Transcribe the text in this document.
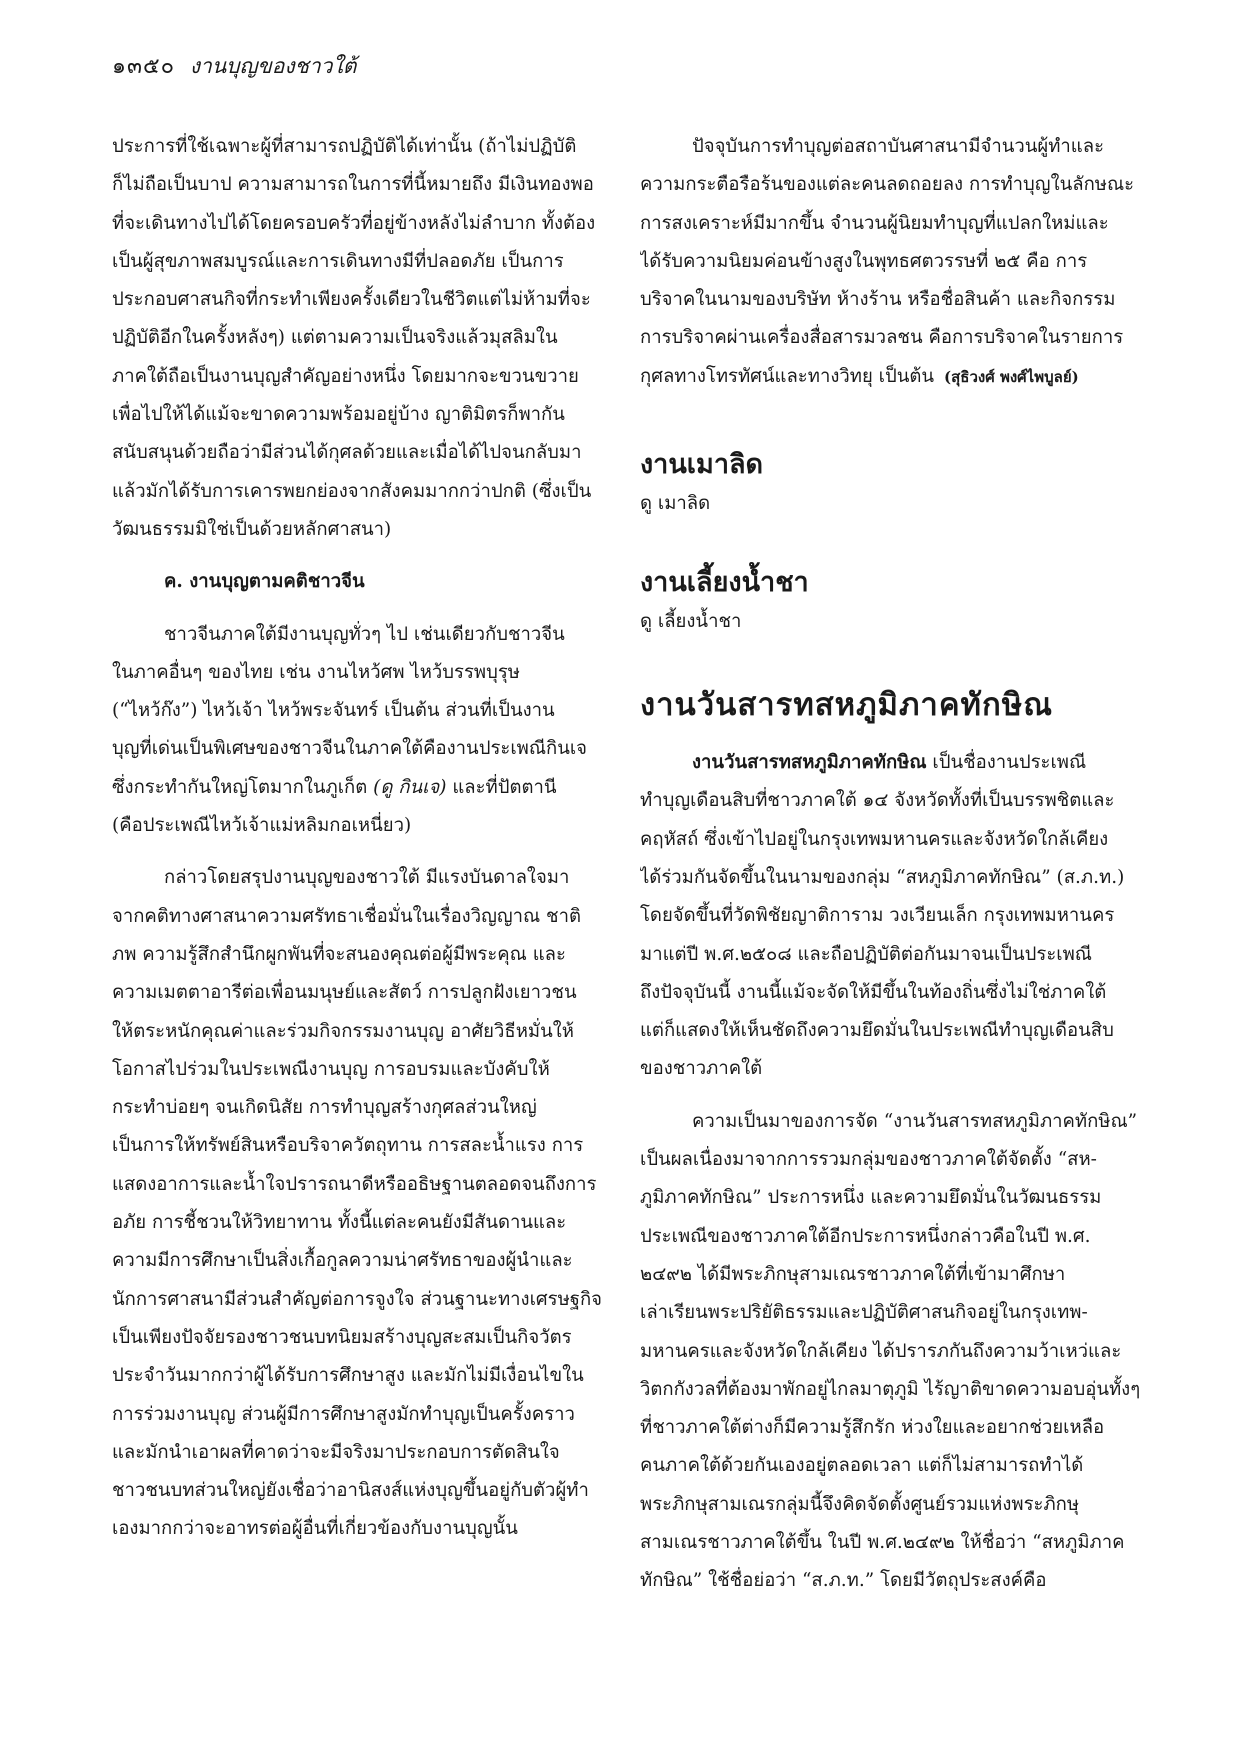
๑๓๕๐ งานบุญของชาวใต้
ประการที่ใช้เฉพาะผู้ที่สามารถปฏิบัติได้เท่านั้น (ถ้าไม่ปฏิบัติ
ก็ไม่ถือเป็นบาป ความสามารถในการที่นี้หมายถึง มีเงินทองพอ
ที่จะเดินทางไปได้โดยครอบครัวที่อยู่ข้างหลังไม่ลำบาก ทั้งต้อง
เป็นผู้สุขภาพสมบูรณ์และการเดินทางมีที่ปลอดภัย เป็นการ
ประกอบศาสนกิจที่กระทำเพียงครั้งเดียวในชีวิตแต่ไม่ห้ามที่จะ
ปฏิบัติอีกในครั้งหลังๆ) แต่ตามความเป็นจริงแล้วมุสลิมใน
ภาคใต้ถือเป็นงานบุญสำคัญอย่างหนึ่ง โดยมากจะขวนขวาย
เพื่อไปให้ได้แม้จะขาดความพร้อมอยู่บ้าง ญาติมิตรก็พากัน
สนับสนุนด้วยถือว่ามีส่วนได้กุศลด้วยและเมื่อได้ไปจนกลับมา
แล้วมักได้รับการเคารพยกย่องจากสังคมมากกว่าปกติ (ซึ่งเป็น
วัฒนธรรมมิใช่เป็นด้วยหลักศาสนา)
ค. งานบุญตามคติชาวจีน
ชาวจีนภาคใต้มีงานบุญทั่วๆ ไป เช่นเดียวกับชาวจีน
ในภาคอื่นๆ ของไทย เช่น งานไหว้ศพ ไหว้บรรพบุรุษ
(“ไหว้ก๊ง”) ไหว้เจ้า ไหว้พระจันทร์ เป็นต้น ส่วนที่เป็นงาน
บุญที่เด่นเป็นพิเศษของชาวจีนในภาคใต้คืองานประเพณีกินเจ
ซึ่งกระทำกันใหญ่โตมากในภูเก็ต (ดู กินเจ) และที่ปัตตานี
(คือประเพณีไหว้เจ้าแม่หลิมกอเหนี่ยว)
กล่าวโดยสรุปงานบุญของชาวใต้ มีแรงบันดาลใจมา
จากคติทางศาสนาความศรัทธาเชื่อมั่นในเรื่องวิญญาณ ชาติ
ภพ ความรู้สึกสำนึกผูกพันที่จะสนองคุณต่อผู้มีพระคุณ และ
ความเมตตาอารีต่อเพื่อนมนุษย์และสัตว์ การปลูกฝังเยาวชน
ให้ตระหนักคุณค่าและร่วมกิจกรรมงานบุญ อาศัยวิธีหมั่นให้
โอกาสไปร่วมในประเพณีงานบุญ การอบรมและบังคับให้
กระทำบ่อยๆ จนเกิดนิสัย การทำบุญสร้างกุศลส่วนใหญ่
เป็นการให้ทรัพย์สินหรือบริจาควัตถุทาน การสละน้ำแรง การ
แสดงอาการและน้ำใจปรารถนาดีหรืออธิษฐานตลอดจนถึงการ
อภัย การชี้ชวนให้วิทยาทาน ทั้งนี้แต่ละคนยังมีสันดานและ
ความมีการศึกษาเป็นสิ่งเกื้อกูลความน่าศรัทธาของผู้นำและ
นักการศาสนามีส่วนสำคัญต่อการจูงใจ ส่วนฐานะทางเศรษฐกิจ
เป็นเพียงปัจจัยรองชาวชนบทนิยมสร้างบุญสะสมเป็นกิจวัตร
ประจำวันมากกว่าผู้ได้รับการศึกษาสูง และมักไม่มีเงื่อนไขใน
การร่วมงานบุญ ส่วนผู้มีการศึกษาสูงมักทำบุญเป็นครั้งคราว
และมักนำเอาผลที่คาดว่าจะมีจริงมาประกอบการตัดสินใจ
ชาวชนบทส่วนใหญ่ยังเชื่อว่าอานิสงส์แห่งบุญขึ้นอยู่กับตัวผู้ทำ
เองมากกว่าจะอาทรต่อผู้อื่นที่เกี่ยวข้องกับงานบุญนั้น
ปัจจุบันการทำบุญต่อสถาบันศาสนามีจำนวนผู้ทำและ
ความกระตือรือร้นของแต่ละคนลดถอยลง การทำบุญในลักษณะ
การสงเคราะห์มีมากขึ้น จำนวนผู้นิยมทำบุญที่แปลกใหม่และ
ได้รับความนิยมค่อนข้างสูงในพุทธศตวรรษที่ ๒๕ คือ การ
บริจาคในนามของบริษัท ห้างร้าน หรือชื่อสินค้า และกิจกรรม
การบริจาคผ่านเครื่องสื่อสารมวลชน คือการบริจาคในรายการ
กุศลทางโทรทัศน์และทางวิทยุ เป็นต้น (สุธิวงศ์ พงศ์ไพบูลย์)
งานเมาลิด
ดู เมาลิด
งานเลี้ยงน้ำชา
ดู เลี้ยงน้ำชา
งานวันสารทสหภูมิภาคทักษิณ
งานวันสารทสหภูมิภาคทักษิณ เป็นชื่องานประเพณี
ทำบุญเดือนสิบที่ชาวภาคใต้ ๑๔ จังหวัดทั้งที่เป็นบรรพชิตและ
คฤหัสถ์ ซึ่งเข้าไปอยู่ในกรุงเทพมหานครและจังหวัดใกล้เคียง
ได้ร่วมกันจัดขึ้นในนามของกลุ่ม “สหภูมิภาคทักษิณ” (ส.ภ.ท.)
โดยจัดขึ้นที่วัดพิชัยญาติการาม วงเวียนเล็ก กรุงเทพมหานคร
มาแต่ปี พ.ศ.๒๕๐๘ และถือปฏิบัติต่อกันมาจนเป็นประเพณี
ถึงปัจจุบันนี้ งานนี้แม้จะจัดให้มีขึ้นในท้องถิ่นซึ่งไม่ใช่ภาคใต้
แต่ก็แสดงให้เห็นชัดถึงความยึดมั่นในประเพณีทำบุญเดือนสิบ
ของชาวภาคใต้
ความเป็นมาของการจัด “งานวันสารทสหภูมิภาคทักษิณ”
เป็นผลเนื่องมาจากการรวมกลุ่มของชาวภาคใต้จัดตั้ง “สห-
ภูมิภาคทักษิณ” ประการหนึ่ง และความยึดมั่นในวัฒนธรรม
ประเพณีของชาวภาคใต้อีกประการหนึ่งกล่าวคือในปี พ.ศ.
๒๔๙๒ ได้มีพระภิกษุสามเณรชาวภาคใต้ที่เข้ามาศึกษา
เล่าเรียนพระปริยัติธรรมและปฏิบัติศาสนกิจอยู่ในกรุงเทพ-
มหานครและจังหวัดใกล้เคียง ได้ปรารภกันถึงความว้าเหว่และ
วิตกกังวลที่ต้องมาพักอยู่ไกลมาตุภูมิ ไร้ญาติขาดความอบอุ่นทั้งๆ
ที่ชาวภาคใต้ต่างก็มีความรู้สึกรัก ห่วงใยและอยากช่วยเหลือ
คนภาคใต้ด้วยกันเองอยู่ตลอดเวลา แต่ก็ไม่สามารถทำได้
พระภิกษุสามเณรกลุ่มนี้จึงคิดจัดตั้งศูนย์รวมแห่งพระภิกษุ
สามเณรชาวภาคใต้ขึ้น ในปี พ.ศ.๒๔๙๒ ให้ชื่อว่า “สหภูมิภาค
ทักษิณ” ใช้ชื่อย่อว่า “ส.ภ.ท.” โดยมีวัตถุประสงค์คือ
